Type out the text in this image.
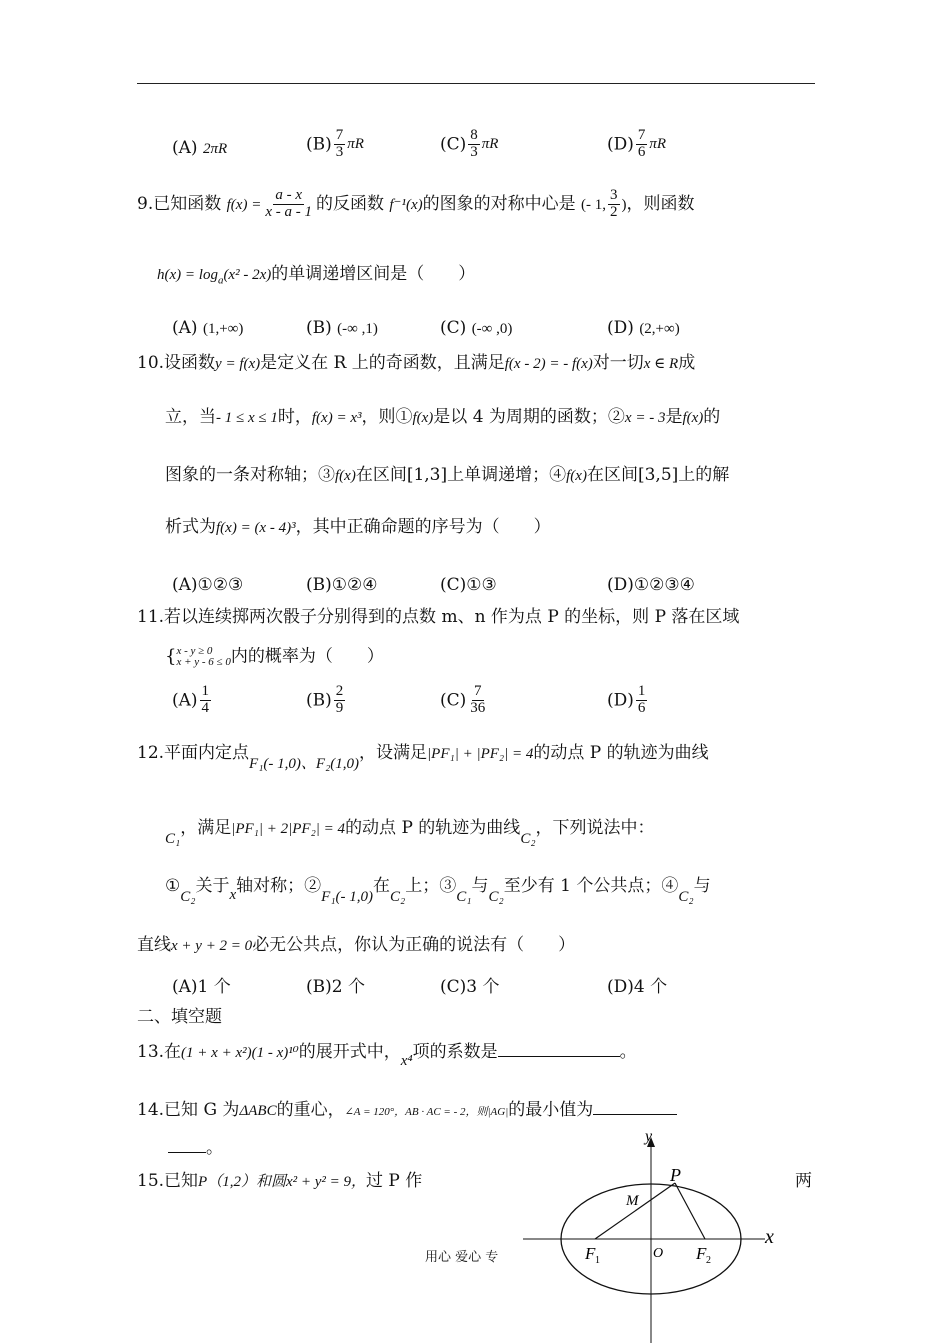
(A) 2πR	$(B) \frac{7}{3}$ πR	$(C) \frac{8}{3}$ πR	$(D) \frac{7}{6}$ πR
9.已知函数 $f(x) = \frac{a - x}{x - a - 1}$ 的反函数 f⁻¹(x)的图象的对称中心是 (- 1, $\frac{3}{2}$ )，则函数
$h(x) = \log_a(x^2 - 2x)$的单调递增区间是（　　）
(A) (1,+∞)	(B) (-∞ ,1)	(C) (-∞ ,0)	(D) (2,+∞)
10.设函数y = f(x)是定义在 R 上的奇函数，且满足f(x - 2) = - f(x)对一切x ∈ R成
立，当- 1 ≤ x ≤ 1时，f(x) = x³，则①f(x)是以 4 为周期的函数；②x = - 3是f(x)的
图象的一条对称轴；③f(x)在区间[1,3]上单调递增；④f(x)在区间[3,5]上的解
析式为f(x) = (x - 4)³，其中正确命题的序号为（　　）
(A)①②③	(B)①②④	(C)①③	(D)①②③④
11.若以连续掷两次骰子分别得到的点数 m、n 作为点 P 的坐标，则 P 落在区域
{ x - y ≥ 0
x + y - 6 ≤ 0 内的概率为（　　）
$(A) \frac{1}{4}$	$(B) \frac{2}{9}$	$(C) \frac{7}{36}$	$(D) \frac{1}{6}$
12.平面内定点F₁(- 1,0)、F₂(1,0)，设满足|PF₁| + |PF₂| = 4的动点 P 的轨迹为曲线
C₁，满足|PF₁| + 2|PF₂| = 4的动点 P 的轨迹为曲线C₂，下列说法中：
①C₂关于x轴对称；②F₁(- 1,0)在C₂上；③C₁与C₂至少有 1 个公共点；④C₂与
直线x + y + 2 = 0必无公共点，你认为正确的说法有（　　）
(A)1 个	(B)2 个	(C)3 个	(D)4 个
二、填空题
13.在(1 + x + x²)(1 - x)¹⁰的展开式中，x⁴项的系数是	。
14.已知 G 为ΔABC的重心，∠A = 120°，AB · AC = - 2，则|AG|的最小值为
。
15.已知P（1,2）和圆x² + y² = 9，过 P 作	两
y
x
P
M
O
F 1	F 2
用心 爱心 专
